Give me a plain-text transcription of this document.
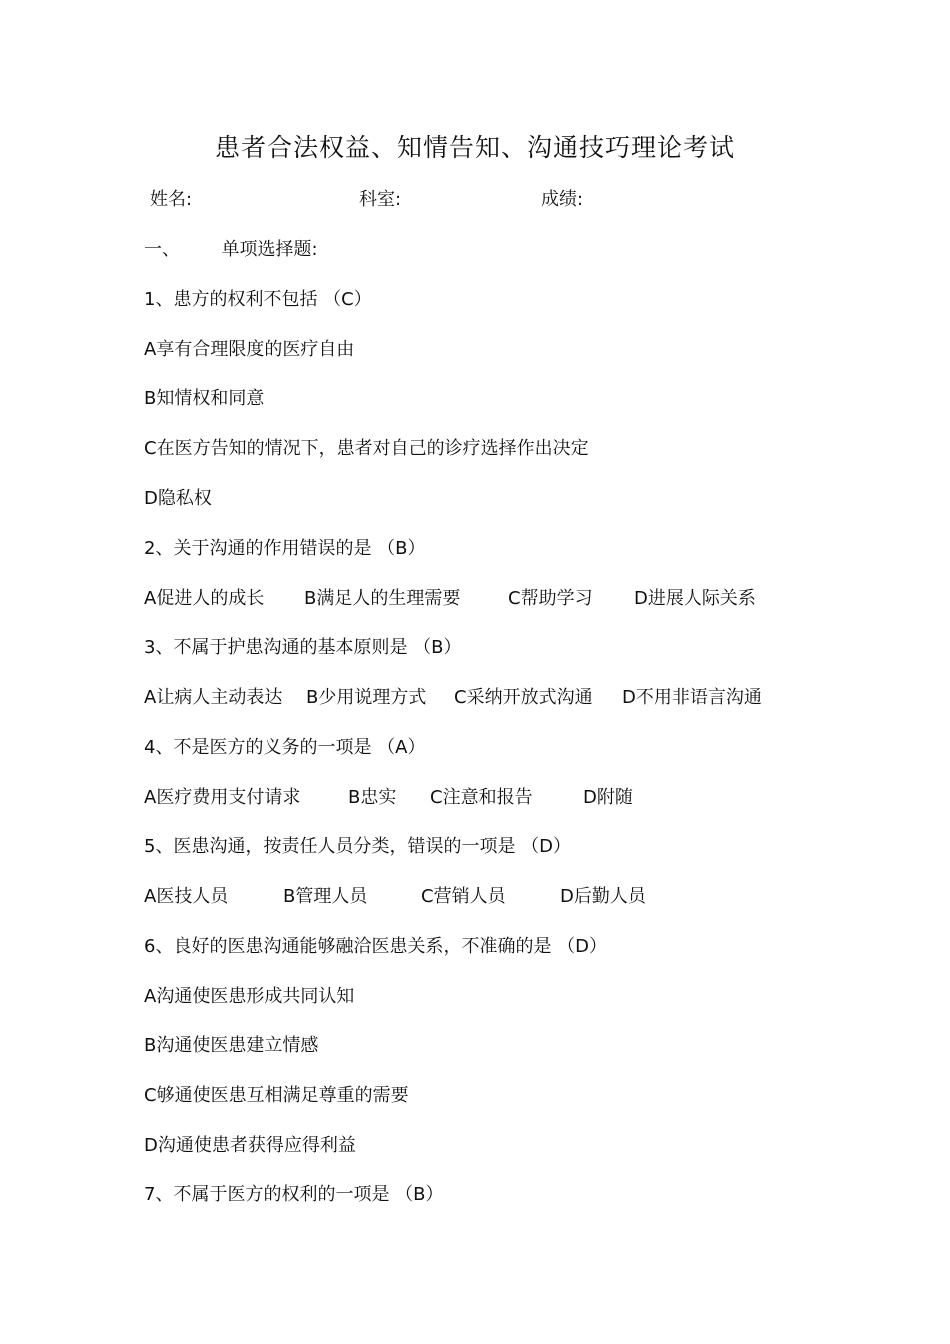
患者合法权益、知情告知、沟通技巧理论考试
姓名:	科室:	成绩:
一、 单项选择题:
1、患方的权利不包括 （C）
A享有合理限度的医疗自由
B知情权和同意
C在医方告知的情况下，患者对自己的诊疗选择作出决定
D隐私权
2、关于沟通的作用错误的是 （B）
A促进人的成长 B满足人的生理需要	C帮助学习 D进展人际关系
3、不属于护患沟通的基本原则是 （B）
A让病人主动表达 B少用说理方式 C采纳开放式沟通 D不用非语言沟通
4、不是医方的义务的一项是 （A）
A医疗费用支付请求	B忠实 C注意和报告	D附随
5、医患沟通，按责任人员分类，错误的一项是 （D）
A医技人员	B管理人员	C营销人员	D后勤人员
6、良好的医患沟通能够融洽医患关系，不准确的是 （D）
A沟通使医患形成共同认知
B沟通使医患建立情感
C够通使医患互相满足尊重的需要
D沟通使患者获得应得利益
7、不属于医方的权利的一项是 （B）
